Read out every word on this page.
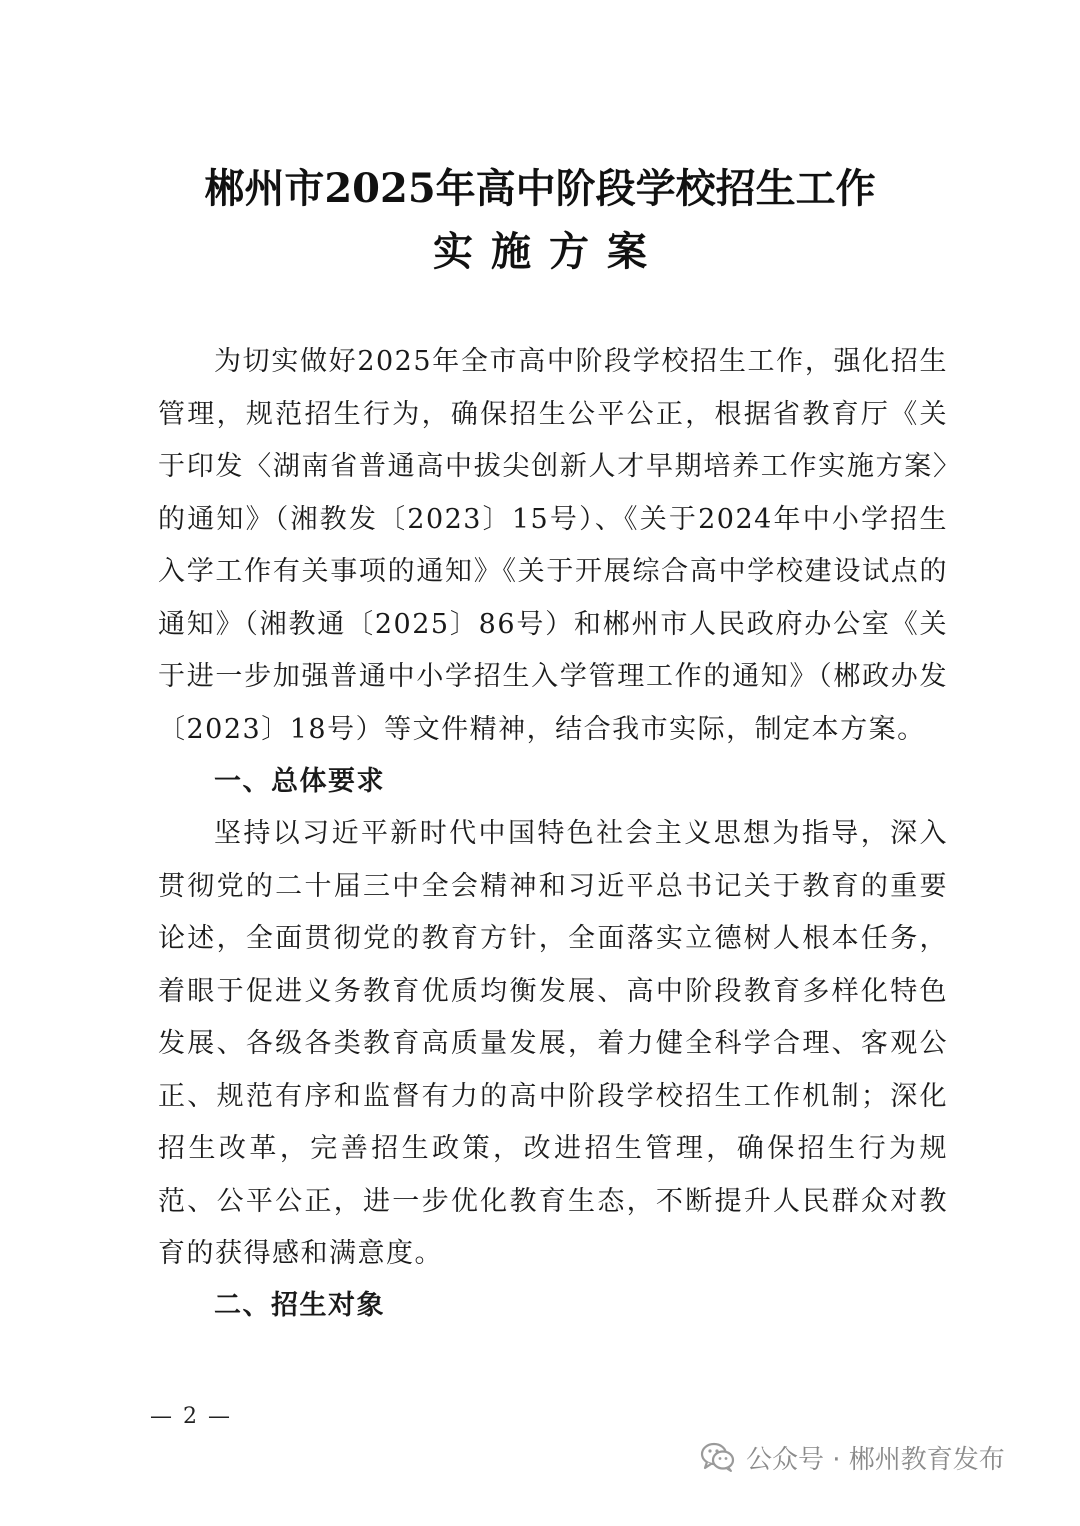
郴州市2025年高中阶段学校招生工作
实施方案
为切实做好2025年全市高中阶段学校招生工作，强化招生管理，规范招生行为，确保招生公平公正，根据省教育厅《关于印发〈湖南省普通高中拔尖创新人才早期培养工作实施方案〉的通知》（湘教发〔2023〕15号）、《关于2024年中小学招生入学工作有关事项的通知》《关于开展综合高中学校建设试点的通知》（湘教通〔2025〕86号）和郴州市人民政府办公室《关于进一步加强普通中小学招生入学管理工作的通知》（郴政办发〔2023〕18号）等文件精神，结合我市实际，制定本方案。
一、总体要求
坚持以习近平新时代中国特色社会主义思想为指导，深入贯彻党的二十届三中全会精神和习近平总书记关于教育的重要论述，全面贯彻党的教育方针，全面落实立德树人根本任务，着眼于促进义务教育优质均衡发展、高中阶段教育多样化特色发展、各级各类教育高质量发展，着力健全科学合理、客观公正、规范有序和监督有力的高中阶段学校招生工作机制；深化招生改革，完善招生政策，改进招生管理，确保招生行为规范、公平公正，进一步优化教育生态，不断提升人民群众对教育的获得感和满意度。
二、招生对象
— 2 —
公众号 · 郴州教育发布
